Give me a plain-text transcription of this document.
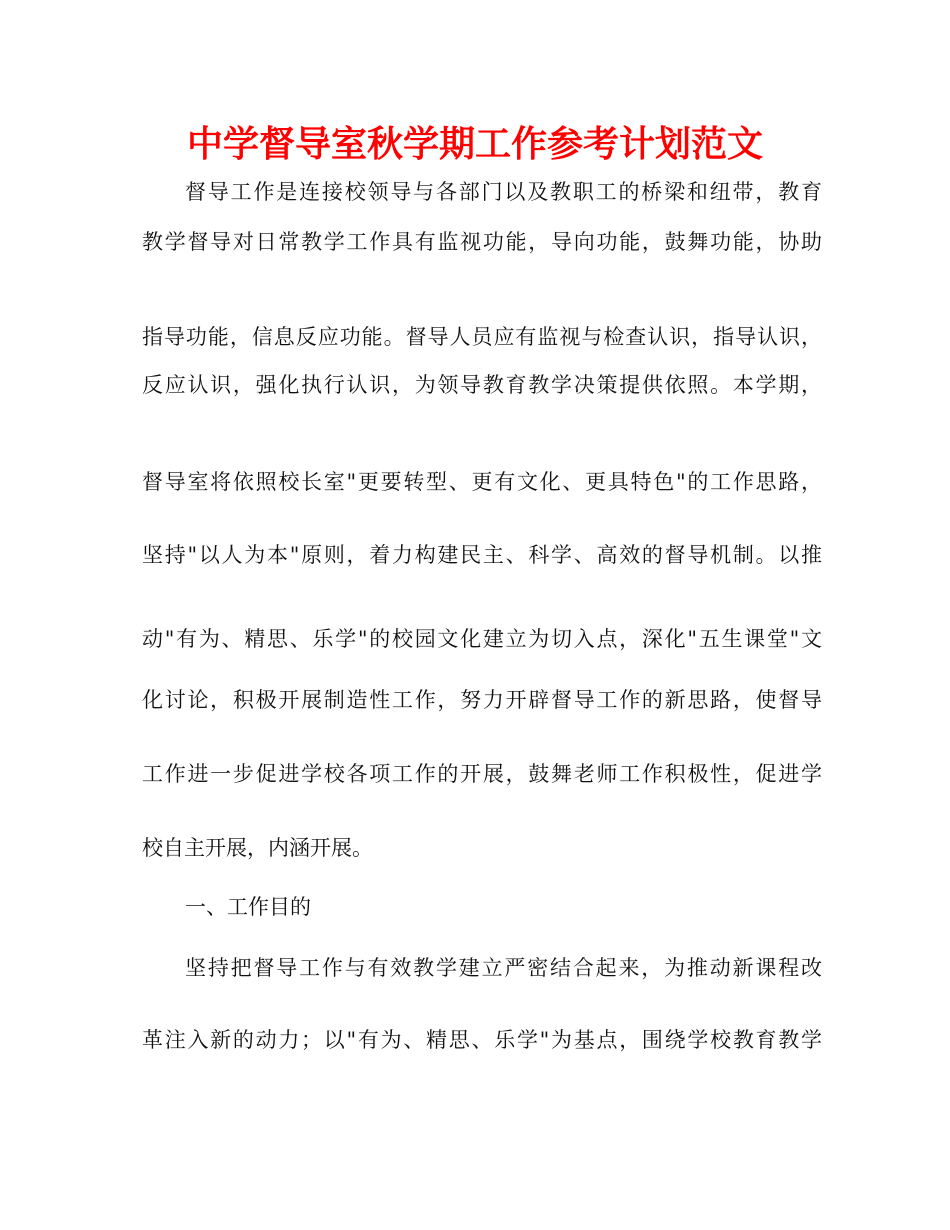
中学督导室秋学期工作参考计划范文
督导工作是连接校领导与各部门以及教职工的桥梁和纽带，教育
教学督导对日常教学工作具有监视功能，导向功能，鼓舞功能，协助
指导功能，信息反应功能。督导人员应有监视与检查认识，指导认识，
反应认识，强化执行认识，为领导教育教学决策提供依照。本学期，
督导室将依照校长室"更要转型、更有文化、更具特色"的工作思路，
坚持"以人为本"原则，着力构建民主、科学、高效的督导机制。以推
动"有为、精思、乐学"的校园文化建立为切入点，深化"五生课堂"文
化讨论，积极开展制造性工作，努力开辟督导工作的新思路，使督导
工作进一步促进学校各项工作的开展，鼓舞老师工作积极性，促进学
校自主开展，内涵开展。
一、工作目的
坚持把督导工作与有效教学建立严密结合起来，为推动新课程改
革注入新的动力；以"有为、精思、乐学"为基点，围绕学校教育教学
